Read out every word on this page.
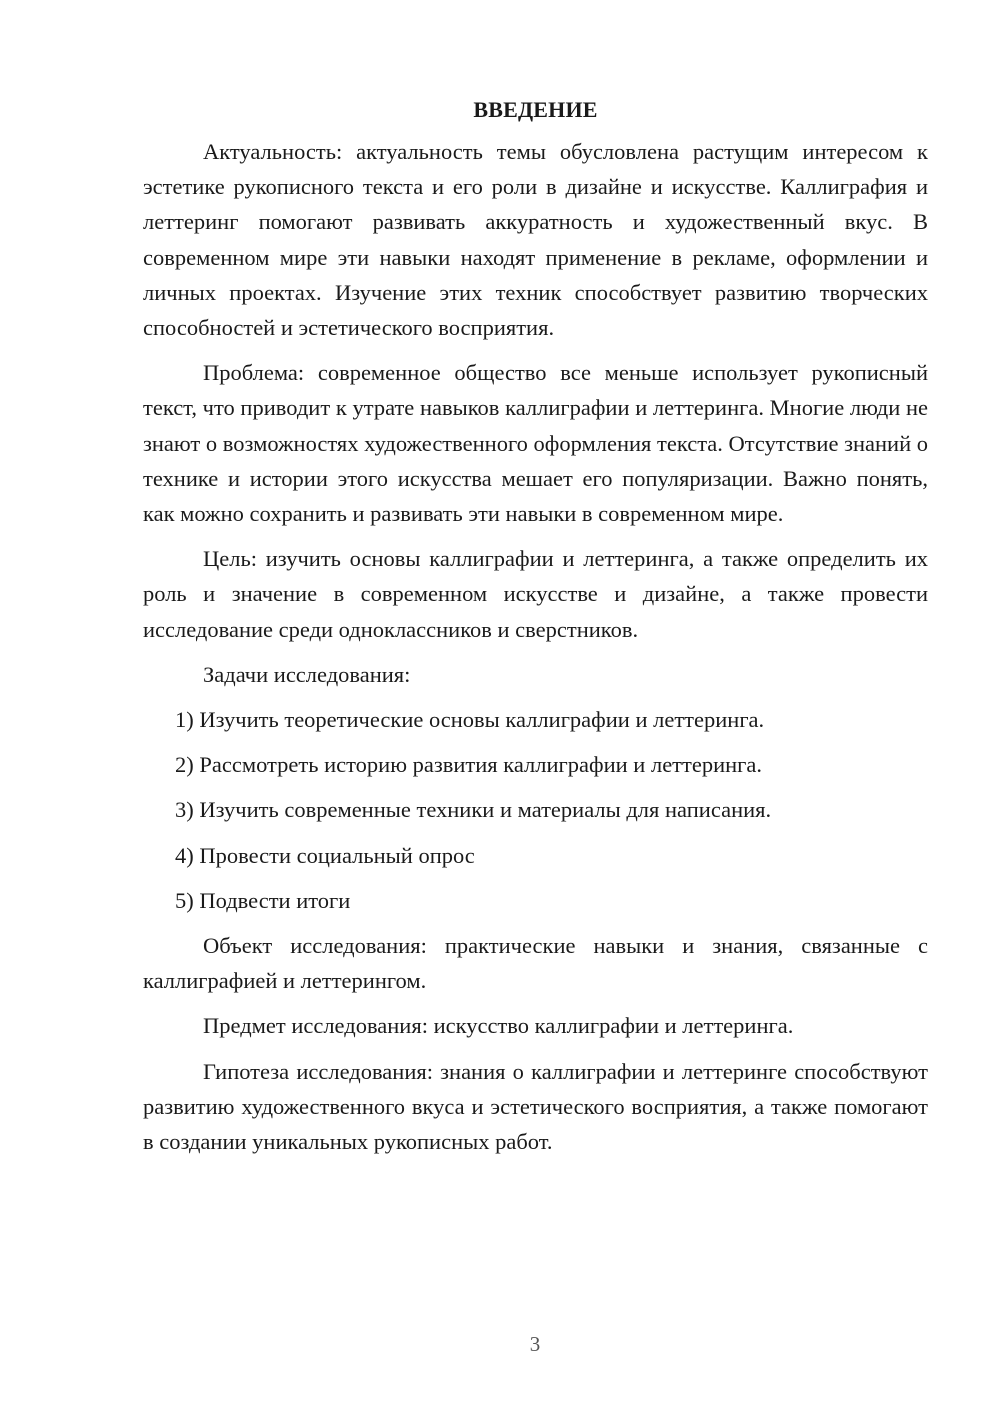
ВВЕДЕНИЕ

Актуальность: актуальность темы обусловлена растущим интересом к эстетике рукописного текста и его роли в дизайне и искусстве. Каллиграфия и леттеринг помогают развивать аккуратность и художественный вкус. В современном мире эти навыки находят применение в рекламе, оформлении и личных проектах. Изучение этих техник способствует развитию творческих способностей и эстетического восприятия.

Проблема: современное общество все меньше использует рукописный текст, что приводит к утрате навыков каллиграфии и леттеринга. Многие люди не знают о возможностях художественного оформления текста. Отсутствие знаний о технике и истории этого искусства мешает его популяризации. Важно понять, как можно сохранить и развивать эти навыки в современном мире.

Цель: изучить основы каллиграфии и леттеринга, а также определить их роль и значение в современном искусстве и дизайне, а также провести исследование среди одноклассников и сверстников.

Задачи исследования:

1) Изучить теоретические основы каллиграфии и леттеринга.

2) Рассмотреть историю развития каллиграфии и леттеринга.

3) Изучить современные техники и материалы для написания.

4) Провести социальный опрос

5) Подвести итоги

Объект исследования: практические навыки и знания, связанные с каллиграфией и леттерингом.

Предмет исследования: искусство каллиграфии и леттеринга.

Гипотеза исследования: знания о каллиграфии и леттеринге способствуют развитию художественного вкуса и эстетического восприятия, а также помогают в создании уникальных рукописных работ.

3
